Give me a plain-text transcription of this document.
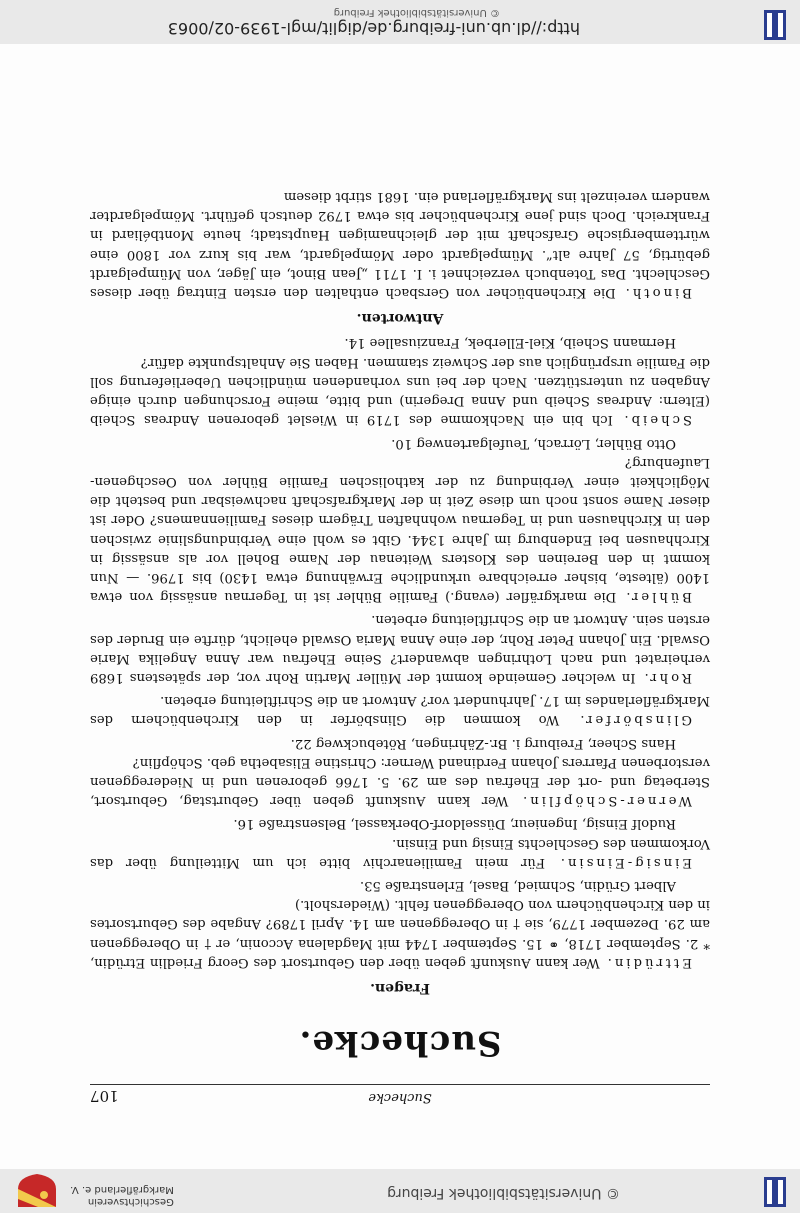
© Universitätsbibliothek Freiburg
Geschichtsverein
Markgräflerland e. V.
Suchecke
107
Suchecke.
Fragen.

Ettrüdin. Wer kann Auskunft geben über den Geburtsort des Georg Friedlin Etrüdin, * 2. September 1718, ⚭ 15. September 1744 mit Magdalena Acconin, er † in Obereggenen am 29. Dezember 1779, sie † in Obereggenen am 14. April 1789? Angabe des Geburtsortes in den Kirchenbüchern von Obereggenen fehlt. (Wiedersholt.)
Albert Grüdin, Schmied, Basel, Erlenstraße 53.

Einsig-Einsin. Für mein Familienarchiv bitte ich um Mitteilung über das Vorkommen des Geschlechts Einsig und Einsin.
Rudolf Einsig, Ingenieur, Düsseldorf-Oberkassel, Belsenstraße 16.

Werner-Schöpflin. Wer kann Auskunft geben über Geburtstag, Geburtsort, Sterbetag und -ort der Ehefrau des am 29. 5. 1766 geborenen und in Niedereggenen verstorbenen Pfarrers Johann Ferdinand Werner: Christine Elisabetha geb. Schöpflin?
Hans Scheer, Freiburg i. Br.-Zähringen, Rötebuckweg 22.

Glinsbörfer. Wo kommen die Glinsbörfer in den Kirchenbüchern des Markgräflerlandes im 17. Jahrhundert vor? Antwort an die Schriftleitung erbeten.

Rohr. In welcher Gemeinde kommt der Müller Martin Rohr vor, der spätestens 1689 verheiratet und nach Lothringen abwandert? Seine Ehefrau war Anna Angelika Marie Oswald. Ein Johann Peter Rohr, der eine Anna Maria Oswald ehelicht, dürfte ein Bruder des ersten sein. Antwort an die Schriftleitung erbeten.

Bühler. Die markgräfler (evang.) Familie Bühler ist in Tegernau ansässig von etwa 1400 (älteste, bisher erreichbare urkundliche Erwähnung etwa 1430) bis 1796. — Nun kommt in den Bereinen des Klosters Weitenau der Name Bohell vor als ansässig in Kirchhausen bei Endenburg im Jahre 1344. Gibt es wohl eine Verbindungslinie zwischen den in Kirchhausen und in Tegernau wohnhaften Trägern dieses Familiennamens? Oder ist dieser Name sonst noch um diese Zeit in der Markgrafschaft nachweisbar und besteht die Möglichkeit einer Verbindung zu der katholischen Familie Bühler von Oeschgenen-Laufenburg?
Otto Bühler, Lörrach, Teufelgartenweg 10.

Scheib. Ich bin ein Nachkomme des 1719 in Wieslet geborenen Andreas Scheib (Eltern: Andreas Scheib und Anna Dregerin) und bitte, meine Forschungen durch einige Angaben zu unterstützen. Nach der bei uns vorhandenen mündlichen Ueberlieferung soll die Familie ursprünglich aus der Schweiz stammen. Haben Sie Anhaltspunkte dafür?
Hermann Scheib, Kiel-Ellerbek, Franziusallee 14.

Antworten.

Binoth. Die Kirchenbücher von Gersbach enthalten den ersten Eintrag über dieses Geschlecht. Das Totenbuch verzeichnet i. I. 1711 „Jean Binot, ein Jäger, von Mümpelgardt gebürtig, 57 Jahre alt“. Mümpelgardt oder Mömpelgardt, war bis kurz vor 1800 eine württembergische Grafschaft mit der gleichnamigen Hauptstadt; heute Montbéliard in Frankreich. Doch sind jene Kirchenbücher bis etwa 1792 deutsch geführt. Mömpelgardter wandern vereinzelt ins Markgräflerland ein. 1681 stirbt diesem

http://dl.ub.uni-freiburg.de/diglit/mgl-1939-02/0063
© Universitätsbibliothek Freiburg
